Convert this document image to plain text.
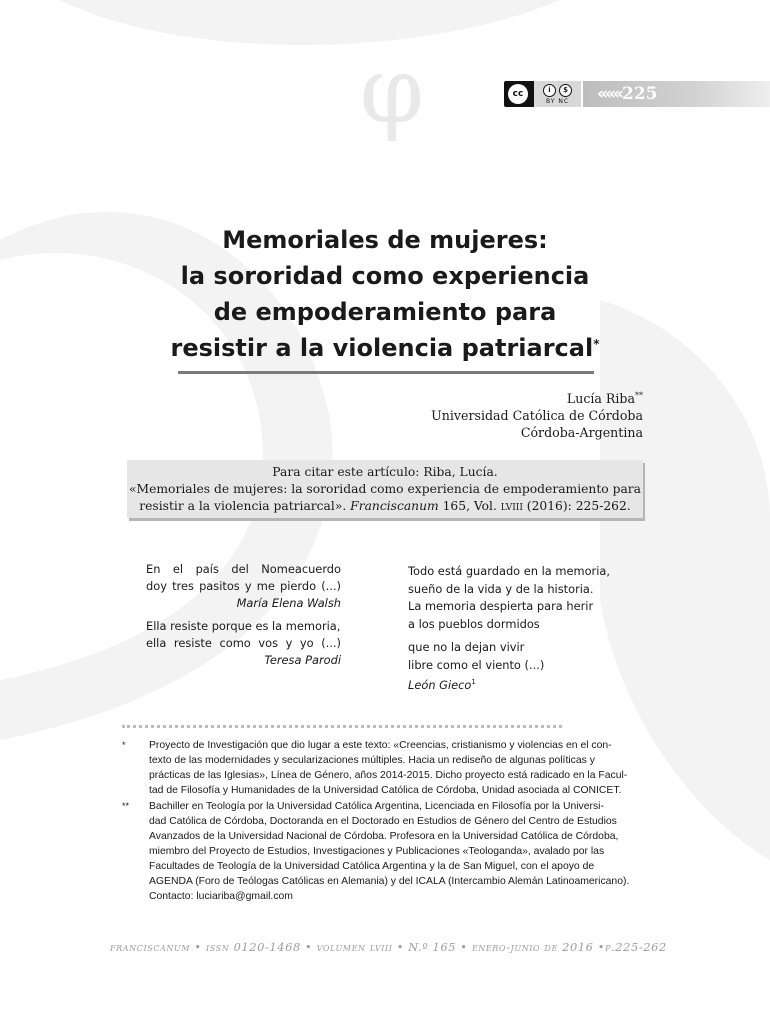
φ	cc	i	$
BY NC ««« 225
Memoriales de mujeres:
la sororidad como experiencia
de empoderamiento para
resistir a la violencia patriarcal*
Lucía Riba**
Universidad Católica de Córdoba
Córdoba-Argentina
Para citar este artículo: Riba, Lucía.
«Memoriales de mujeres: la sororidad como experiencia de empoderamiento para
resistir a la violencia patriarcal». Franciscanum 165, Vol. lviii (2016): 225-262.
En el país del Nomeacuerdo
doy tres pasitos y me pierdo (...)
María Elena Walsh
Ella resiste porque es la memoria,
ella resiste como vos y yo (...)
Teresa Parodi
Todo está guardado en la memoria,
sueño de la vida y de la historia.
La memoria despierta para herir
a los pueblos dormidos
que no la dejan vivir
libre como el viento (...)
León Gieco$^1$
*	Proyecto de Investigación que dio lugar a este texto: «Creencias, cristianismo y violencias en el con-
texto de las modernidades y secularizaciones múltiples. Hacia un rediseño de algunas políticas y
prácticas de las Iglesias», Línea de Género, años 2014-2015. Dicho proyecto está radicado en la Facul-
tad de Filosofía y Humanidades de la Universidad Católica de Córdoba, Unidad asociada al CONICET.
**	Bachiller en Teología por la Universidad Católica Argentina, Licenciada en Filosofía por la Universi-
dad Católica de Córdoba, Doctoranda en el Doctorado en Estudios de Género del Centro de Estudios
Avanzados de la Universidad Nacional de Córdoba. Profesora en la Universidad Católica de Córdoba,
miembro del Proyecto de Estudios, Investigaciones y Publicaciones «Teologanda», avalado por las
Facultades de Teología de la Universidad Católica Argentina y la de San Miguel, con el apoyo de
AGENDA (Foro de Teólogas Católicas en Alemania) y del ICALA (Intercambio Alemán Latinoamericano).
Contacto: luciariba@gmail.com
franciscanum • issn 0120-1468 • volumen lviii • N.º 165 • enero-junio de 2016 •p.225-262
